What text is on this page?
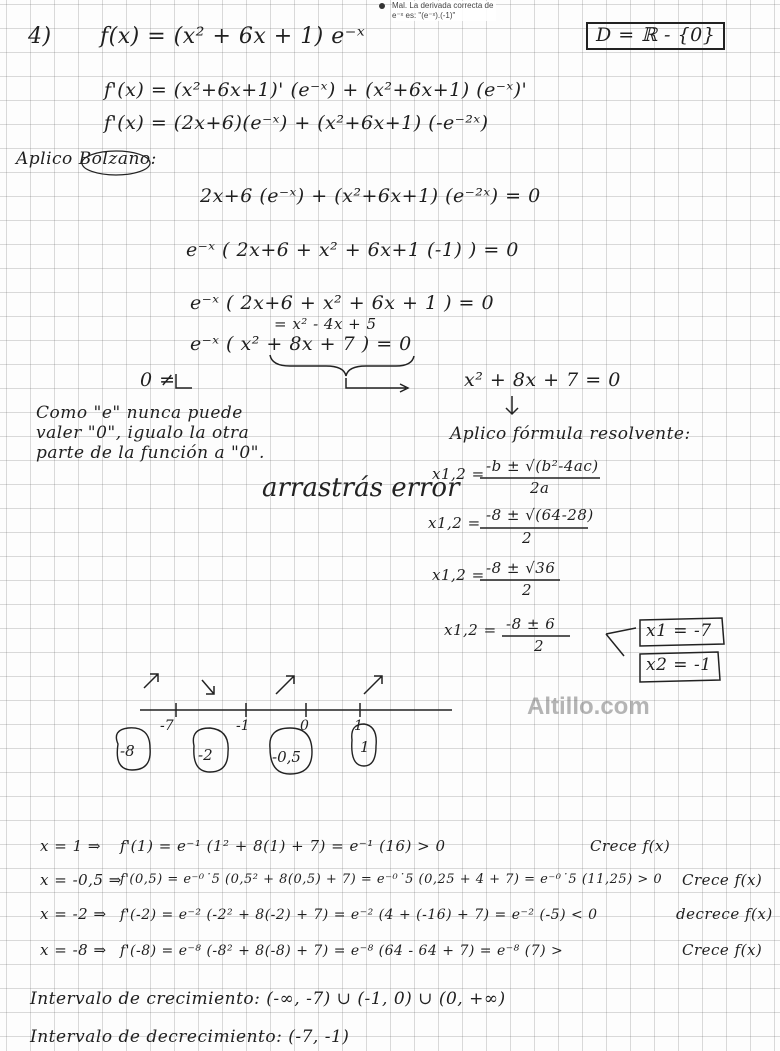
Mal. La derivada correcta de e⁻ˣ es: "(e⁻ˣ).(-1)"
4) f(x) = (x² + 6x + 1) e⁻ˣ	D = ℝ - {0}
f'(x) = (x²+6x+1)' (e⁻ˣ) + (x²+6x+1) (e⁻ˣ)'
f'(x) = (2x+6)(e⁻ˣ) + (x²+6x+1) (-e⁻²ˣ)
Aplico Bolzano:
2x+6 (e⁻ˣ) + (x²+6x+1) (e⁻²ˣ) = 0
e⁻ˣ ( 2x+6 + x² + 6x+1 (-1) ) = 0
e⁻ˣ ( 2x+6 + x² + 6x + 1 ) = 0
= x² - 4x + 5
e⁻ˣ ( x² + 8x + 7 ) = 0
0 ≠	x² + 8x + 7 = 0
Como "e" nunca puede
valer "0", igualo la otra
parte de la función a "0".
Aplico fórmula resolvente:
x1,2 = -b ± √(b²-4ac)
2a
x1,2 = -8 ± √(64-28)
2
x1,2 = -8 ± √36
2
x1,2 = -8 ± 6
2
x1 = -7
x2 = -1
Altillo.com
arrastrás error
-7	-1	0	1
-8	-2	-0,5
1
x = 1 ⇒ f'(1) = e⁻¹ (1² + 8(1) + 7) = e⁻¹ (16) > 0	Crece f(x)
x = -0,5 ⇒
f'(0,5) = e⁻⁰˙5 (0,5² + 8(0,5) + 7) = e⁻⁰˙5 (0,25 + 4 + 7) = e⁻⁰˙5 (11,25) > 0 Crece f(x)
x = -2 ⇒ f'(-2) = e⁻² (-2² + 8(-2) + 7) = e⁻² (4 + (-16) + 7) = e⁻² (-5) < 0	decrece f(x)
x = -8 ⇒ f'(-8) = e⁻⁸ (-8² + 8(-8) + 7) = e⁻⁸ (64 - 64 + 7) = e⁻⁸ (7) >	Crece f(x)
Intervalo de crecimiento: (-∞, -7) ∪ (-1, 0) ∪ (0, +∞)
Intervalo de decrecimiento: (-7, -1)
